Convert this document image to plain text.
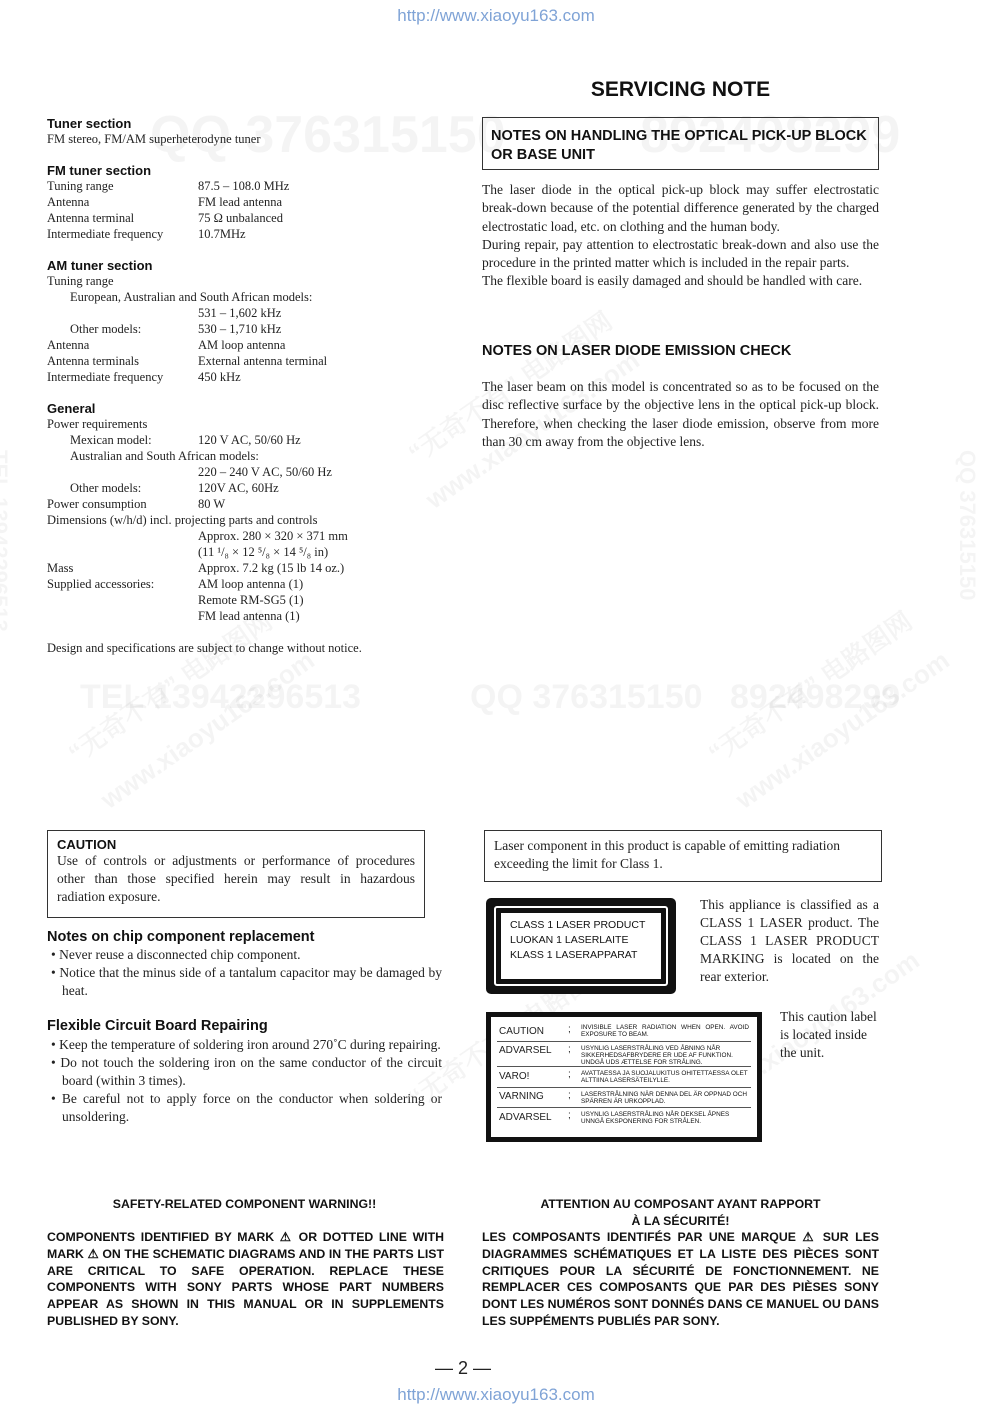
http://www.xiaoyu163.com
http://www.xiaoyu163.com
— 2 —
Tuner section
FM stereo, FM/AM superheterodyne tuner
FM tuner section
Tuning range	87.5 – 108.0 MHz
Antenna	FM lead antenna
Antenna terminal	75 Ω unbalanced
Intermediate frequency	10.7MHz
AM tuner section
Tuning range
European, Australian and South African models:
531 – 1,602 kHz
Other models:	530 – 1,710 kHz
Antenna	AM loop antenna
Antenna terminals	External antenna terminal
Intermediate frequency	450 kHz
General
Power requirements
Mexican model:	120 V AC, 50/60 Hz
Australian and South African models:
220 – 240 V AC, 50/60 Hz
Other models:	120V AC, 60Hz
Power consumption	80 W
Dimensions (w/h/d) incl. projecting parts and controls
Approx. 280 × 320 × 371 mm
(11 ¹/₈ × 12 ⁵/₈ × 14 ⁵/₈ in)
Mass	Approx. 7.2 kg (15 lb 14 oz.)
Supplied accessories:	AM loop antenna (1)
Remote RM-SG5 (1)
FM lead antenna (1)
Design and specifications are subject to change without notice.
SERVICING NOTE
NOTES ON HANDLING THE OPTICAL PICK-UP BLOCK OR BASE UNIT
The laser diode in the optical pick-up block may suffer electrostatic break-down because of the potential difference generated by the charged electrostatic load, etc. on clothing and the human body.
During repair, pay attention to electrostatic break-down and also use the procedure in the printed matter which is included in the repair parts.
The flexible board is easily damaged and should be handled with care.
NOTES ON LASER DIODE EMISSION CHECK
The laser beam on this model is concentrated so as to be focused on the disc reflective surface by the objective lens in the optical pick-up block. Therefore, when checking the laser diode emission, observe from more than 30 cm away from the objective lens.
CAUTION
Use of controls or adjustments or performance of procedures other than those specified herein may result in hazardous radiation exposure.
Notes on chip component replacement
• Never reuse a disconnected chip component.
• Notice that the minus side of a tantalum capacitor may be damaged by heat.
Flexible Circuit Board Repairing
• Keep the temperature of soldering iron around 270˚C during repairing.
• Do not touch the soldering iron on the same conductor of the circuit board (within 3 times).
• Be careful not to apply force on the conductor when soldering or unsoldering.
Laser component in this product is capable of emitting radiation exceeding the limit for Class 1.
CLASS 1 LASER PRODUCT
LUOKAN 1 LASERLAITE
KLASS 1 LASERAPPARAT
This appliance is classified as a CLASS 1 LASER product. The CLASS 1 LASER PRODUCT MARKING is located on the rear exterior.
CAUTION ; INVISIBLE LASER RADIATION WHEN OPEN. AVOID EXPOSURE TO BEAM.
ADVARSEL ; USYNLIG LASERSTRÅLING VED ÅBNING NÅR SIKKERHEDSAFBRYDERE ER UDE AF FUNKTION. UNDGÅ UDS ÆTTELSE FOR STRÅLING.
VARO!	; AVATTAESSA JA SUOJALUKITUS OHITETTAESSA OLET ALTTIINA LASERSÄTEILYLLE.
VARNING ; LASERSTRÅLNING NÄR DENNA DEL ÄR OPPNAD OCH SPÄRREN ÄR URKOPPLAD.
ADVARSEL ; USYNLIG LASERSTRÅLING NÅR DEKSEL ÅPNES UNNGÅ EKSPONERING FOR STRÅLEN.
This caution label is located inside the unit.
SAFETY-RELATED COMPONENT WARNING!!
COMPONENTS IDENTIFIED BY MARK ⚠ OR DOTTED LINE WITH MARK ⚠ ON THE SCHEMATIC DIAGRAMS AND IN THE PARTS LIST ARE CRITICAL TO SAFE OPERATION. REPLACE THESE COMPONENTS WITH SONY PARTS WHOSE PART NUMBERS APPEAR AS SHOWN IN THIS MANUAL OR IN SUPPLEMENTS PUBLISHED BY SONY.
ATTENTION AU COMPOSANT AYANT RAPPORT
À LA SÉCURITÉ!
LES COMPOSANTS IDENTIFÉS PAR UNE MARQUE ⚠ SUR LES DIAGRAMMES SCHÉMATIQUES ET LA LISTE DES PIÈCES SONT CRITIQUES POUR LA SÉCURITÉ DE FONCTIONNEMENT. NE REMPLACER CES COMPOSANTS QUE PAR DES PIÈSES SONY DONT LES NUMÉROS SONT DONNÉS DANS CE MANUEL OU DANS LES SUPPÉMENTS PUBLIÉS PAR SONY.
